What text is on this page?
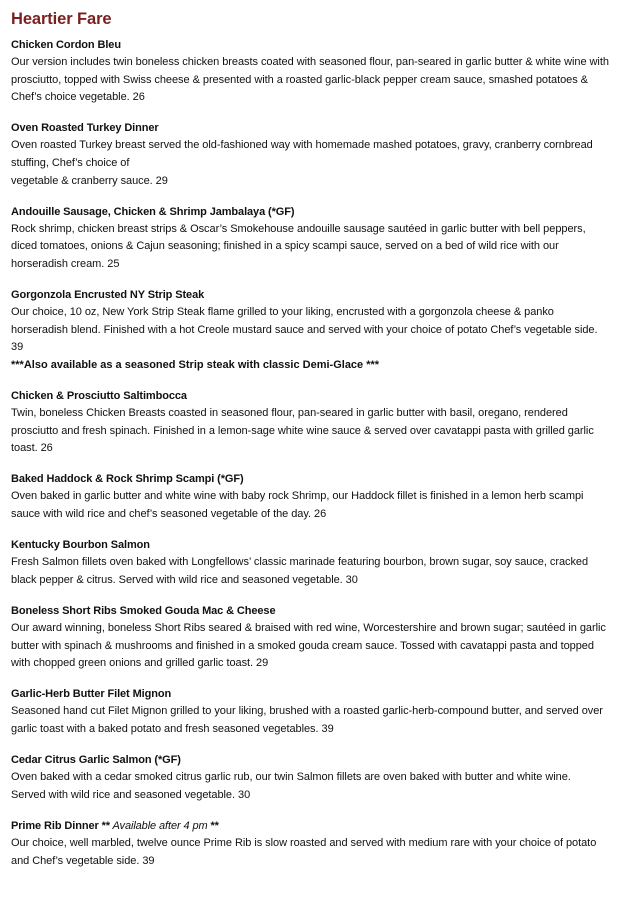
Heartier Fare

Chicken Cordon Bleu

Our version includes twin boneless chicken breasts coated with seasoned flour, pan-seared in garlic butter & white wine with prosciutto, topped with Swiss cheese & presented with a roasted garlic-black pepper cream sauce, smashed potatoes & Chef’s choice vegetable. 26

Oven Roasted Turkey Dinner

Oven roasted Turkey breast served the old-fashioned way with homemade mashed potatoes, gravy, cranberry cornbread stuffing, Chef’s choice of
vegetable & cranberry sauce. 29

Andouille Sausage, Chicken & Shrimp Jambalaya (*GF)

Rock shrimp, chicken breast strips & Oscar’s Smokehouse andouille sausage sautéed in garlic butter with bell peppers, diced tomatoes, onions & Cajun seasoning; finished in a spicy scampi sauce, served on a bed of wild rice with our horseradish cream. 25

Gorgonzola Encrusted NY Strip Steak

Our choice, 10 oz, New York Strip Steak flame grilled to your liking, encrusted with a gorgonzola cheese & panko horseradish blend. Finished with a hot Creole mustard sauce and served with your choice of potato Chef’s vegetable side. 39

***Also available as a seasoned Strip steak with classic Demi-Glace ***

Chicken & Prosciutto Saltimbocca

Twin, boneless Chicken Breasts coasted in seasoned flour, pan-seared in garlic butter with basil, oregano, rendered prosciutto and fresh spinach. Finished in a lemon-sage white wine sauce & served over cavatappi pasta with grilled garlic toast. 26

Baked Haddock & Rock Shrimp Scampi (*GF)

Oven baked in garlic butter and white wine with baby rock Shrimp, our Haddock fillet is finished in a lemon herb scampi sauce with wild rice and chef’s seasoned vegetable of the day. 26

Kentucky Bourbon Salmon

Fresh Salmon fillets oven baked with Longfellows’ classic marinade featuring bourbon, brown sugar, soy sauce, cracked black pepper & citrus. Served with wild rice and seasoned vegetable. 30

Boneless Short Ribs Smoked Gouda Mac & Cheese

Our award winning, boneless Short Ribs seared & braised with red wine, Worcestershire and brown sugar; sautéed in garlic butter with spinach & mushrooms and finished in a smoked gouda cream sauce. Tossed with cavatappi pasta and topped with chopped green onions and grilled garlic toast. 29

Garlic-Herb Butter Filet Mignon

Seasoned hand cut Filet Mignon grilled to your liking, brushed with a roasted garlic-herb-compound butter, and served over garlic toast with a baked potato and fresh seasoned vegetables. 39

Cedar Citrus Garlic Salmon (*GF)

Oven baked with a cedar smoked citrus garlic rub, our twin Salmon fillets are oven baked with butter and white wine.
Served with wild rice and seasoned vegetable. 30

Prime Rib Dinner ** Available after 4 pm **

Our choice, well marbled, twelve ounce Prime Rib is slow roasted and served with medium rare with your choice of potato and Chef’s vegetable side. 39
